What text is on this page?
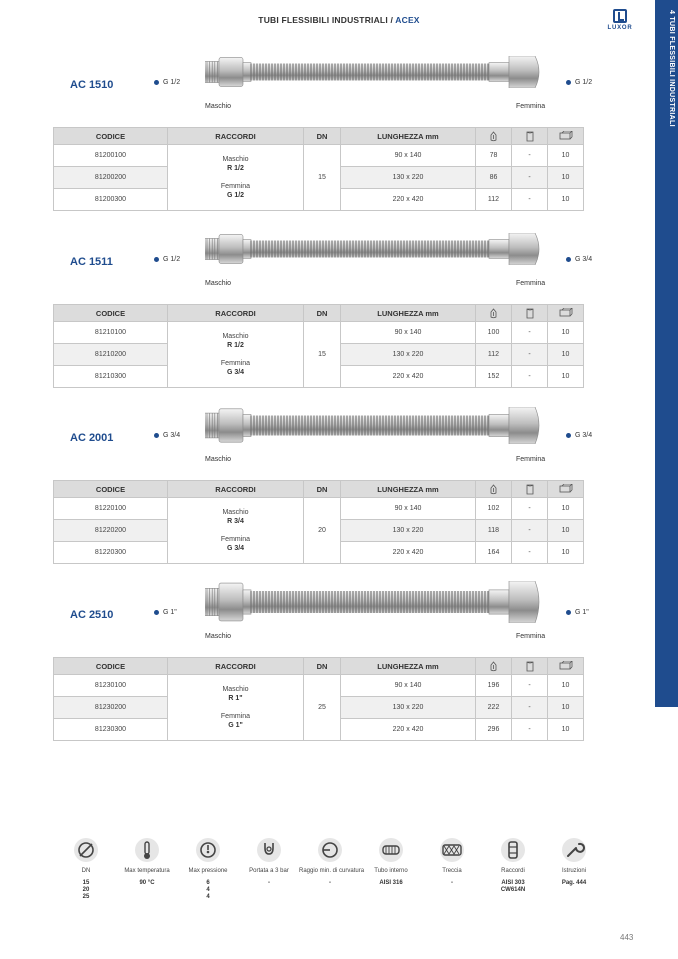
TUBI FLESSIBILI INDUSTRIALI / ACEX
LUXOR	4 TUBI FLESSIBILI INDUSTRIALI
AC 1510	G 1/2	G 1/2
Maschio	Femmina
CODICE	RACCORDI	DN	LUNGHEZZA mm			
81200100	Maschio
R 1/2
Femmina
G 1/2	15	90 x 140	78	-	10
81200200			130 x 220	86	-	10
81200300			220 x 420	112	-	10
AC 1511	G 1/2	G 3/4
Maschio	Femmina
CODICE	RACCORDI	DN	LUNGHEZZA mm			
81210100	Maschio
R 1/2
Femmina
G 3/4	15	90 x 140	100	-	10
81210200			130 x 220	112	-	10
81210300			220 x 420	152	-	10
AC 2001	G 3/4	G 3/4
Maschio	Femmina
CODICE	RACCORDI	DN	LUNGHEZZA mm			
81220100	Maschio
R 3/4
Femmina
G 3/4	20	90 x 140	102	-	10
81220200			130 x 220	118	-	10
81220300			220 x 420	164	-	10
AC 2510	G 1"	G 1"
Maschio	Femmina
CODICE	RACCORDI	DN	LUNGHEZZA mm			
81230100	Maschio
R 1"
Femmina
G 1"	25	90 x 140	196	-	10
81230200			130 x 220	222	-	10
81230300			220 x 420	296	-	10
DN
15
20
25
Max temperatura
90 °C
Max pressione
6
4
4
Portata a 3 bar
-
Raggio min. di curvatura
-
Tubo interno
AISI 316
Treccia
-
Raccordi
AISI 303
CW614N
Istruzioni
Pag. 444
443
